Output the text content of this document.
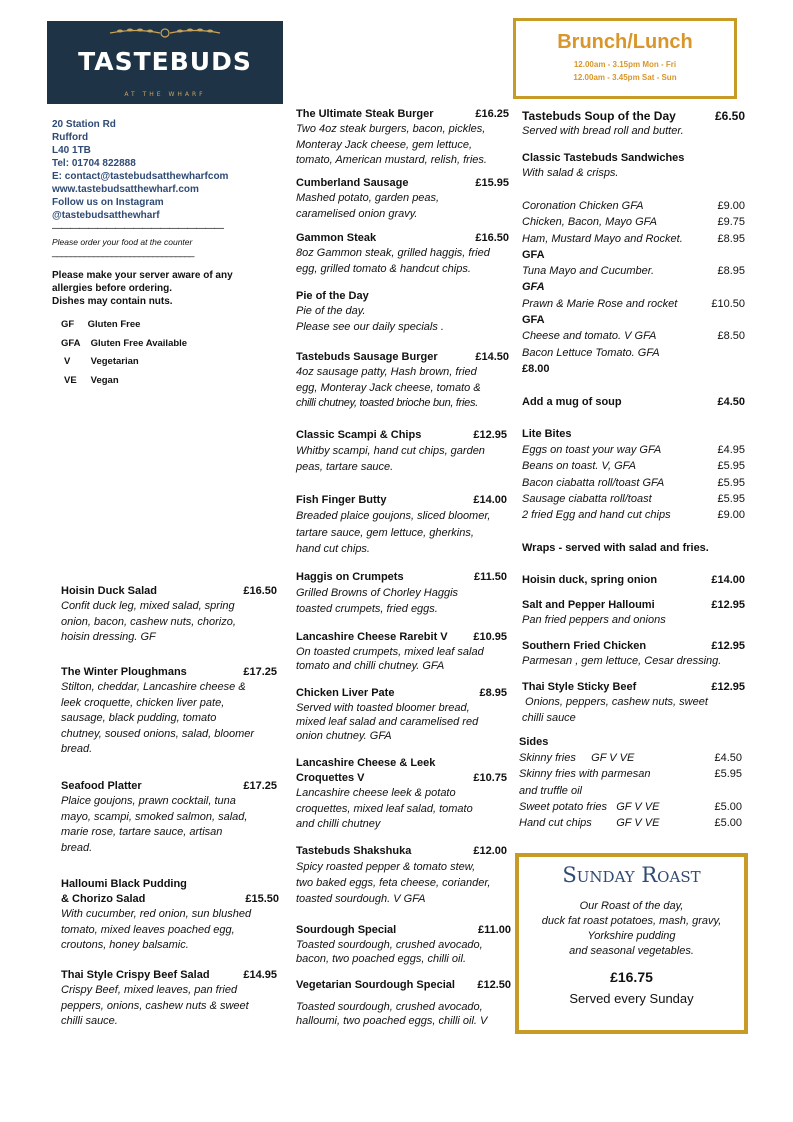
TASTEBUDS
AT THE WHARF
Brunch/Lunch
12.00am - 3.15pm Mon - Fri
12.00am - 3.45pm Sat - Sun
20 Station Rd
Rufford
L40 1TB
Tel: 01704 822888
E: contact@tastebudsatthewharfcom
www.tastebudsatthewharf.com
Follow us on Instagram
@tastebudsatthewharf
———————————————————
Please order your food at the counter
_______________________________
Please make your server aware of any
allergies before ordering.
Dishes may contain nuts.
GF Gluten Free
GFA Gluten Free Available
V Vegetarian
VE Vegan
Hoisin Duck Salad	£16.50
Confit duck leg, mixed salad, spring
onion, bacon, cashew nuts, chorizo,
hoisin dressing. GF
The Winter Ploughmans	£17.25
Stilton, cheddar, Lancashire cheese &
leek croquette, chicken liver pate,
sausage, black pudding, tomato
chutney, soused onions, salad, bloomer
bread.
Seafood Platter	£17.25
Plaice goujons, prawn cocktail, tuna
mayo, scampi, smoked salmon, salad,
marie rose, tartare sauce, artisan
bread.
Halloumi Black Pudding
& Chorizo Salad	£15.50
With cucumber, red onion, sun blushed
tomato, mixed leaves poached egg,
croutons, honey balsamic.
Thai Style Crispy Beef Salad	£14.95
Crispy Beef, mixed leaves, pan fried
peppers, onions, cashew nuts & sweet
chilli sauce.
The Ultimate Steak Burger	£16.25
Two 4oz steak burgers, bacon, pickles,
Monteray Jack cheese, gem lettuce,
tomato, American mustard, relish, fries.
Cumberland Sausage	£15.95
Mashed potato, garden peas,
caramelised onion gravy.
Gammon Steak	£16.50
8oz Gammon steak, grilled haggis, fried
egg, grilled tomato & handcut chips.
Pie of the Day
Pie of the day.
Please see our daily specials .
Tastebuds Sausage Burger	£14.50
4oz sausage patty, Hash brown, fried
egg, Monteray Jack cheese, tomato &
chilli chutney, toasted brioche bun, fries.
Classic Scampi & Chips	£12.95
Whitby scampi, hand cut chips, garden
peas, tartare sauce.
Fish Finger Butty	£14.00
Breaded plaice goujons, sliced bloomer,
tartare sauce, gem lettuce, gherkins,
hand cut chips.
Haggis on Crumpets	£11.50
Grilled Browns of Chorley Haggis
toasted crumpets, fried eggs.
Lancashire Cheese Rarebit V £10.95
On toasted crumpets, mixed leaf salad
tomato and chilli chutney. GFA
Chicken Liver Pate	£8.95
Served with toasted bloomer bread,
mixed leaf salad and caramelised red
onion chutney. GFA
Lancashire Cheese & Leek
Croquettes V	£10.75
Lancashire cheese leek & potato
croquettes, mixed leaf salad, tomato
and chilli chutney
Tastebuds Shakshuka	£12.00
Spicy roasted pepper & tomato stew,
two baked eggs, feta cheese, coriander,
toasted sourdough. V GFA
Sourdough Special	£11.00
Toasted sourdough, crushed avocado,
bacon, two poached eggs, chilli oil.
Vegetarian Sourdough Special £12.50
Toasted sourdough, crushed avocado,
halloumi, two poached eggs, chilli oil. V
Tastebuds Soup of the Day	£6.50
Served with bread roll and butter.
Classic Tastebuds Sandwiches
With salad & crisps.
Coronation Chicken GFA	£9.00
Chicken, Bacon, Mayo GFA	£9.75
Ham, Mustard Mayo and Rocket.	£8.95
GFA
Tuna Mayo and Cucumber.	£8.95
GFA
Prawn & Marie Rose and rocket	£10.50
GFA
Cheese and tomato. V GFA	£8.50
Bacon Lettuce Tomato. GFA
£8.00
Add a mug of soup	£4.50
Lite Bites
Eggs on toast your way GFA	£4.95
Beans on toast. V, GFA	£5.95
Bacon ciabatta roll/toast GFA	£5.95
Sausage ciabatta roll/toast	£5.95
2 fried Egg and hand cut chips	£9.00
Wraps - served with salad and fries.
Hoisin duck, spring onion	£14.00
Salt and Pepper Halloumi	£12.95
Pan fried peppers and onions
Southern Fried Chicken	£12.95
Parmesan , gem lettuce, Cesar dressing.
Thai Style Sticky Beef	£12.95
Onions, peppers, cashew nuts, sweet
chilli sauce
Sides
Skinny fries     GF V VE	£4.50
Skinny fries with parmesan	£5.95
and truffle oil
Sweet potato fries   GF V VE	£5.00
Hand cut chips        GF V VE	£5.00
Sunday Roast
Our Roast of the day,
duck fat roast potatoes, mash, gravy,
Yorkshire pudding
and seasonal vegetables.
£16.75
Served every Sunday
